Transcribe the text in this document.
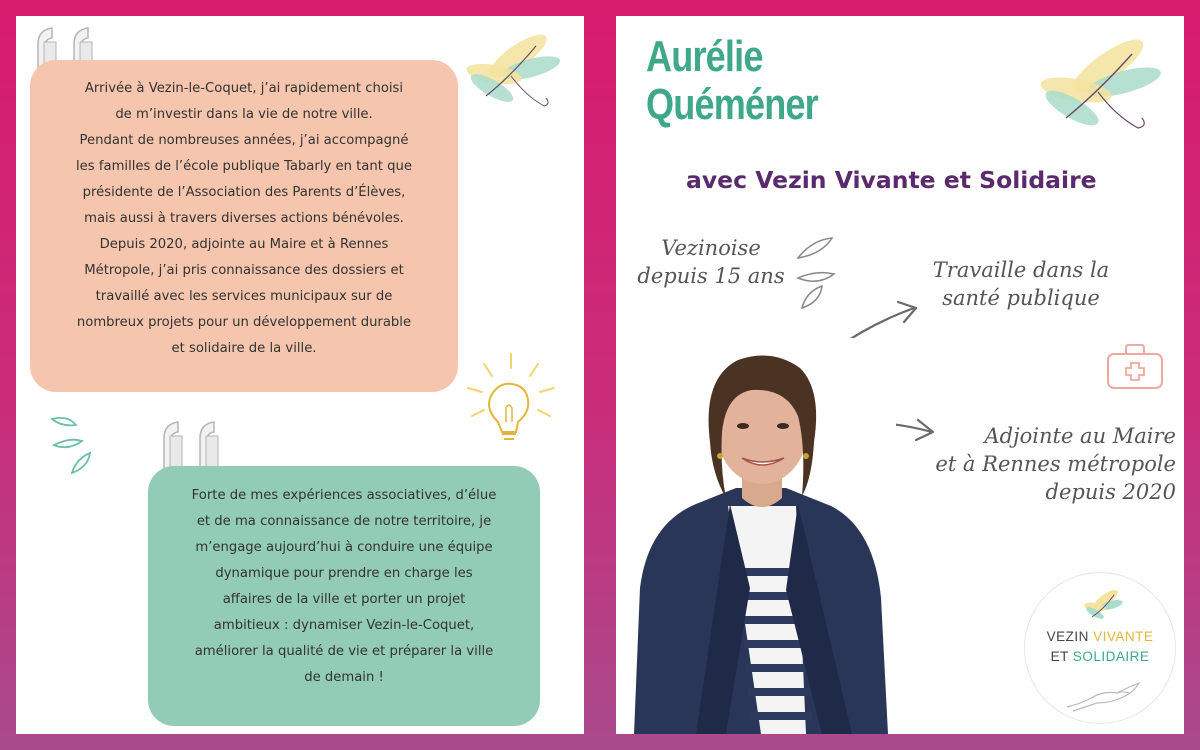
Arrivée à Vezin-le-Coquet, j’ai rapidement choisi

de m’investir dans la vie de notre ville.

Pendant de nombreuses années, j’ai accompagné

les familles de l’école publique Tabarly en tant que

présidente de l’Association des Parents d’Élèves,

mais aussi à travers diverses actions bénévoles.

Depuis 2020, adjointe au Maire et à Rennes

Métropole, j’ai pris connaissance des dossiers et

travaillé avec les services municipaux sur de

nombreux projets pour un développement durable

et solidaire de la ville.

Forte de mes expériences associatives, d’élue

et de ma connaissance de notre territoire, je

m’engage aujourd’hui à conduire une équipe

dynamique pour prendre en charge les

affaires de la ville et porter un projet

ambitieux : dynamiser Vezin-le-Coquet,

améliorer la qualité de vie et préparer la ville

de demain !

Aurélie
Quéméner
avec Vezin Vivante et Solidaire

Vezinoise
depuis 15 ans	Travaille dans la
santé publique

Adjointe au Maire
et à Rennes métropole
depuis 2020

VEZIN VIVANTE
ET SOLIDAIRE
